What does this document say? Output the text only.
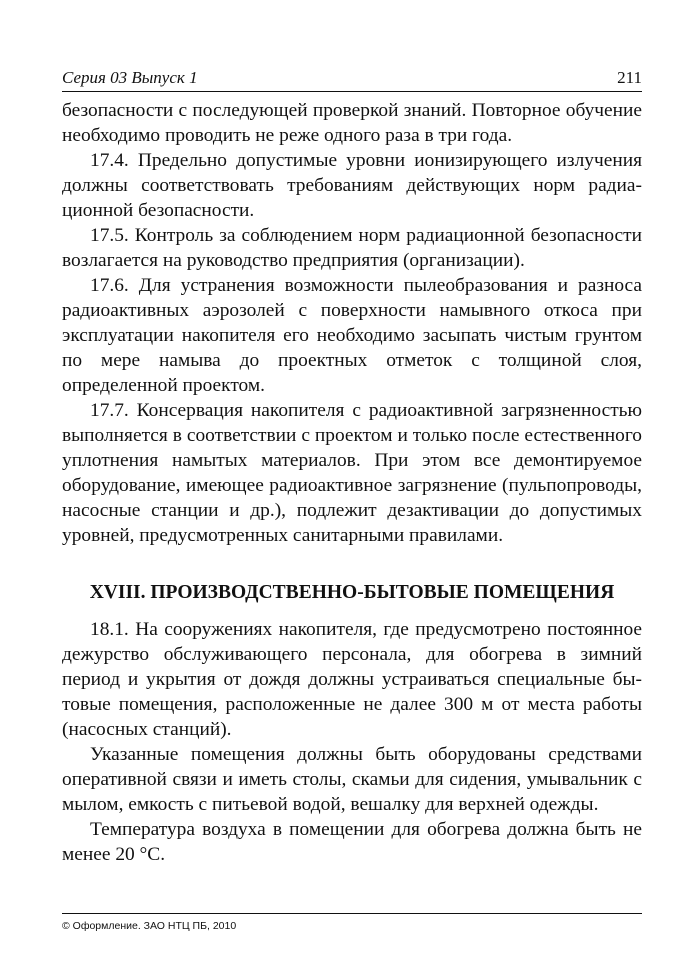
Серия 03 Выпуск 1	211

безопасности с последующей проверкой знаний. Повторное обучение необходимо проводить не реже одного раза в три года.

17.4. Предельно допустимые уровни ионизирующего излучения должны соответствовать требованиям действующих норм радиационной безопасности.

17.5. Контроль за соблюдением норм радиационной безопасности возлагается на руководство предприятия (организации).

17.6. Для устранения возможности пылеобразования и разноса радиоактивных аэрозолей с поверхности намывного откоса при эксплуатации накопителя его необходимо засыпать чистым грунтом по мере намыва до проектных отметок с толщиной слоя, определенной проектом.

17.7. Консервация накопителя с радиоактивной загрязненностью выполняется в соответствии с проектом и только после естественного уплотнения намытых материалов. При этом все демонтируемое оборудование, имеющее радиоактивное загрязнение (пульпопроводы, насосные станции и др.), подлежит дезактивации до допустимых уровней, предусмотренных санитарными правилами.

XVIII. ПРОИЗВОДСТВЕННО-БЫТОВЫЕ ПОМЕЩЕНИЯ

18.1. На сооружениях накопителя, где предусмотрено постоянное дежурство обслуживающего персонала, для обогрева в зимний период и укрытия от дождя должны устраиваться специальные бытовые помещения, расположенные не далее 300 м от места работы (насосных станций).

Указанные помещения должны быть оборудованы средствами оперативной связи и иметь столы, скамьи для сидения, умывальник с мылом, емкость с питьевой водой, вешалку для верхней одежды.

Температура воздуха в помещении для обогрева должна быть не менее 20 °С.

© Оформление. ЗАО НТЦ ПБ, 2010
